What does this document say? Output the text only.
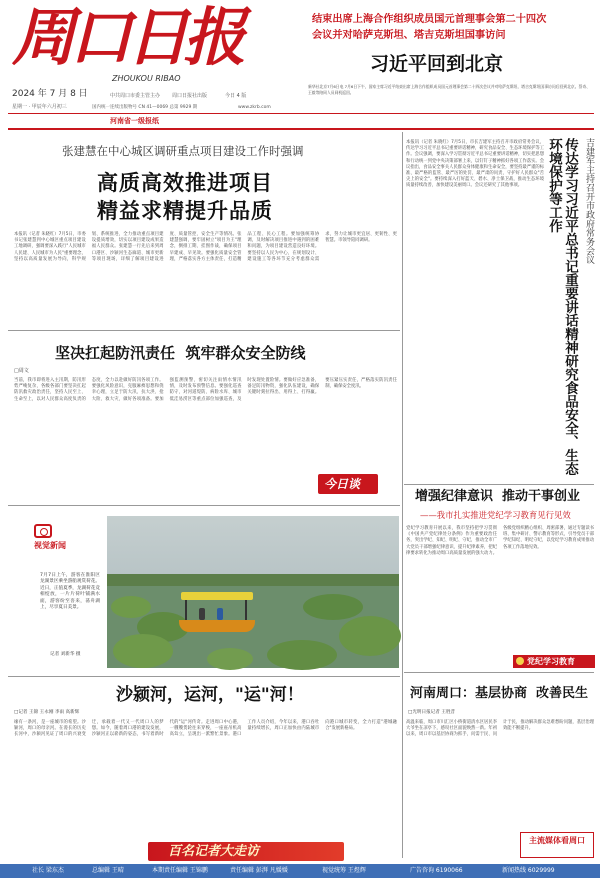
周口日报
ZHOUKOU RIBAO
2024 年 7 月 8 日
星期一 · 甲辰年六月初三
中共周口市委主管主办 周口日报社出版	今日 4 版
国内统一连续出版物号 CN 41—0069 总第 9929 期	www.zkrb.com
结束出席上海合作组织成员国元首理事会第二十四次
会议并对哈萨克斯坦、塔吉克斯坦国事访问
习近平回到北京
新华社北京7月6日电 7月6日下午，国家主席习近平结束出席上海合作组织成员国元首理事会第二十四次会议并对哈萨克斯坦、塔吉克斯坦国事访问后回到北京。蔡奇、王毅等陪同人员同机返回。
河南省一级报纸
张建慧在中心城区调研重点项目建设工作时强调
高质高效推进项目
精益求精提升品质
本报讯（记者 朱晓红）7月5日，市委书记张建慧到中心城区重点项目建设工地调研，强调要深入践行"人民城市人民建、人民城市为人民"重要理念，坚持以高质量发展为导向，科学规划、系统推进，全力推动重点项目建设提质增效，切实以项目建设成果造福人民群众。张建慧一行先后来到周口港区、沙颍河生态廊道、城市更新等项目现场，详细了解项目建设进度、质量管控、安全生产等情况。张建慧强调，要牢固树立"项目为王"理念，倒排工期、挂图作战，确保项目早建成、早见效。要强化质量安全管理，严格落实各方主体责任，打造精品工程、民心工程。要加强统筹协调，及时解决项目推进中遇到的困难和问题，为项目建设营造良好环境。要坚持以人民为中心，在规划设计、建设施工等各环节充分考虑群众需求，努力让城市更宜居、更韧性、更智慧。市领导陪同调研。
坚决扛起防汛责任  筑牢群众安全防线
□周文
当前，我市即将进入主汛期，防汛形势严峻复杂，各级各部门要坚决扛起防汛救灾政治责任，坚持人民至上、生命至上，以对人民群众高度负责的态度，全力以赴做好防汛各项工作。要强化风险意识，克服麻痹思想和侥幸心理，立足于防大汛、抗大洪、抢大险、救大灾，做好各项准备。要加强监测预警，密切关注雨情水情汛情，及时发布预警信息。要强化巡查防守，对河道堤防、病险水库、城市低洼易涝区等重点部位加强巡查，及时发现处置险情。要做好应急准备，备足防汛物资，强化队伍建设，确保关键时刻拉得出、用得上、打得赢。要压紧压实责任，严格落实防汛责任制，确保安全度汛。
今日谈
视觉新闻
7月7日上午，游客在淮阳区龙湖景区乘坐游船观赏荷花。近日，正值夏季，龙湖荷花竞相绽放，一片片荷叶铺满水面，游客纷至沓来，荡舟湖上，尽享夏日美景。
记者 刘新华 摄
沙颍河，运河，"运"河！
□记者 王锦 王永刚 李雨 高新辉
缘有一条河，是一座城市的希望。沙颍河，周口的母亲河。在漫长的历史长河中，沙颍河见证了周口的兴衰变迁，承载着一代又一代周口人的梦想。如今，随着周口港的建设发展，沙颍河正以崭新的姿态，书写着新时代的"运"河传奇。走进周口中心港，一艘艘货轮往来穿梭，一座座吊机高高耸立，呈现出一派繁忙景象。港口工作人员介绍，今年以来，港口吞吐量持续增长，周口正加快由内陆城市向港口城市转变，全力打造"港城融合"发展新格局。
百名记者大走访
本报讯（记者 朱晓红）7月5日，市长吉建军主持召开市政府常务会议，传达学习习近平总书记重要讲话精神，研究食品安全、生态环境保护等工作。会议强调，要深入学习贯彻习近平总书记重要讲话精神，切实把思想和行动统一到党中央决策部署上来，以钉钉子精神抓好各项工作落实。会议指出，食品安全事关人民群众身体健康和生命安全，要坚持最严谨的标准、最严格的监管、最严厉的处罚、最严肃的问责，守护好人民群众"舌尖上的安全"。要持续深入打好蓝天、碧水、净土保卫战，推动生态环境质量持续改善，加快建设美丽周口。会议还研究了其他事项。	传达学习习近平总书记重要讲话精神研究食品安全、生态环境保护等工作	吉建军主持召开市政府常务会议
增强纪律意识  推动干事创业
——我市扎实推进党纪学习教育见行见效
党纪学习教育开展以来，我市坚持把学习贯彻《中国共产党纪律处分条例》作为重要政治任务，突出学纪、知纪、明纪、守纪，推动全市广大党员干部增强纪律意识、提升纪律素养，把纪律要求转化为推动周口高质量发展的强大动力。各级党组织精心组织、周密部署，通过专题读书班、集中研讨、警示教育等形式，引导党员干部学纪知纪、明纪守纪，以党纪学习教育成果推动各项工作落地见效。
党纪学习教育
河南周口：基层协商  改善民生
□光明日报记者 王胜昔
高温来临，周口市川汇区小桥街道清水区居民李大爷坐在凉亭下，感叹社区面貌焕然一新。年初以来，周口市以基层协商为抓手，问需于民、问计于民，推动解决群众急难愁盼问题，基层治理效能不断提升。
主流媒体看周口
社长 梁东杰	总编辑 王晴	本期责任编辑 王锦鹏	责任编辑 彭湃 凡媛媛	视觉统筹 王煜辉	广告咨询 6190066	新闻热线 6029999
